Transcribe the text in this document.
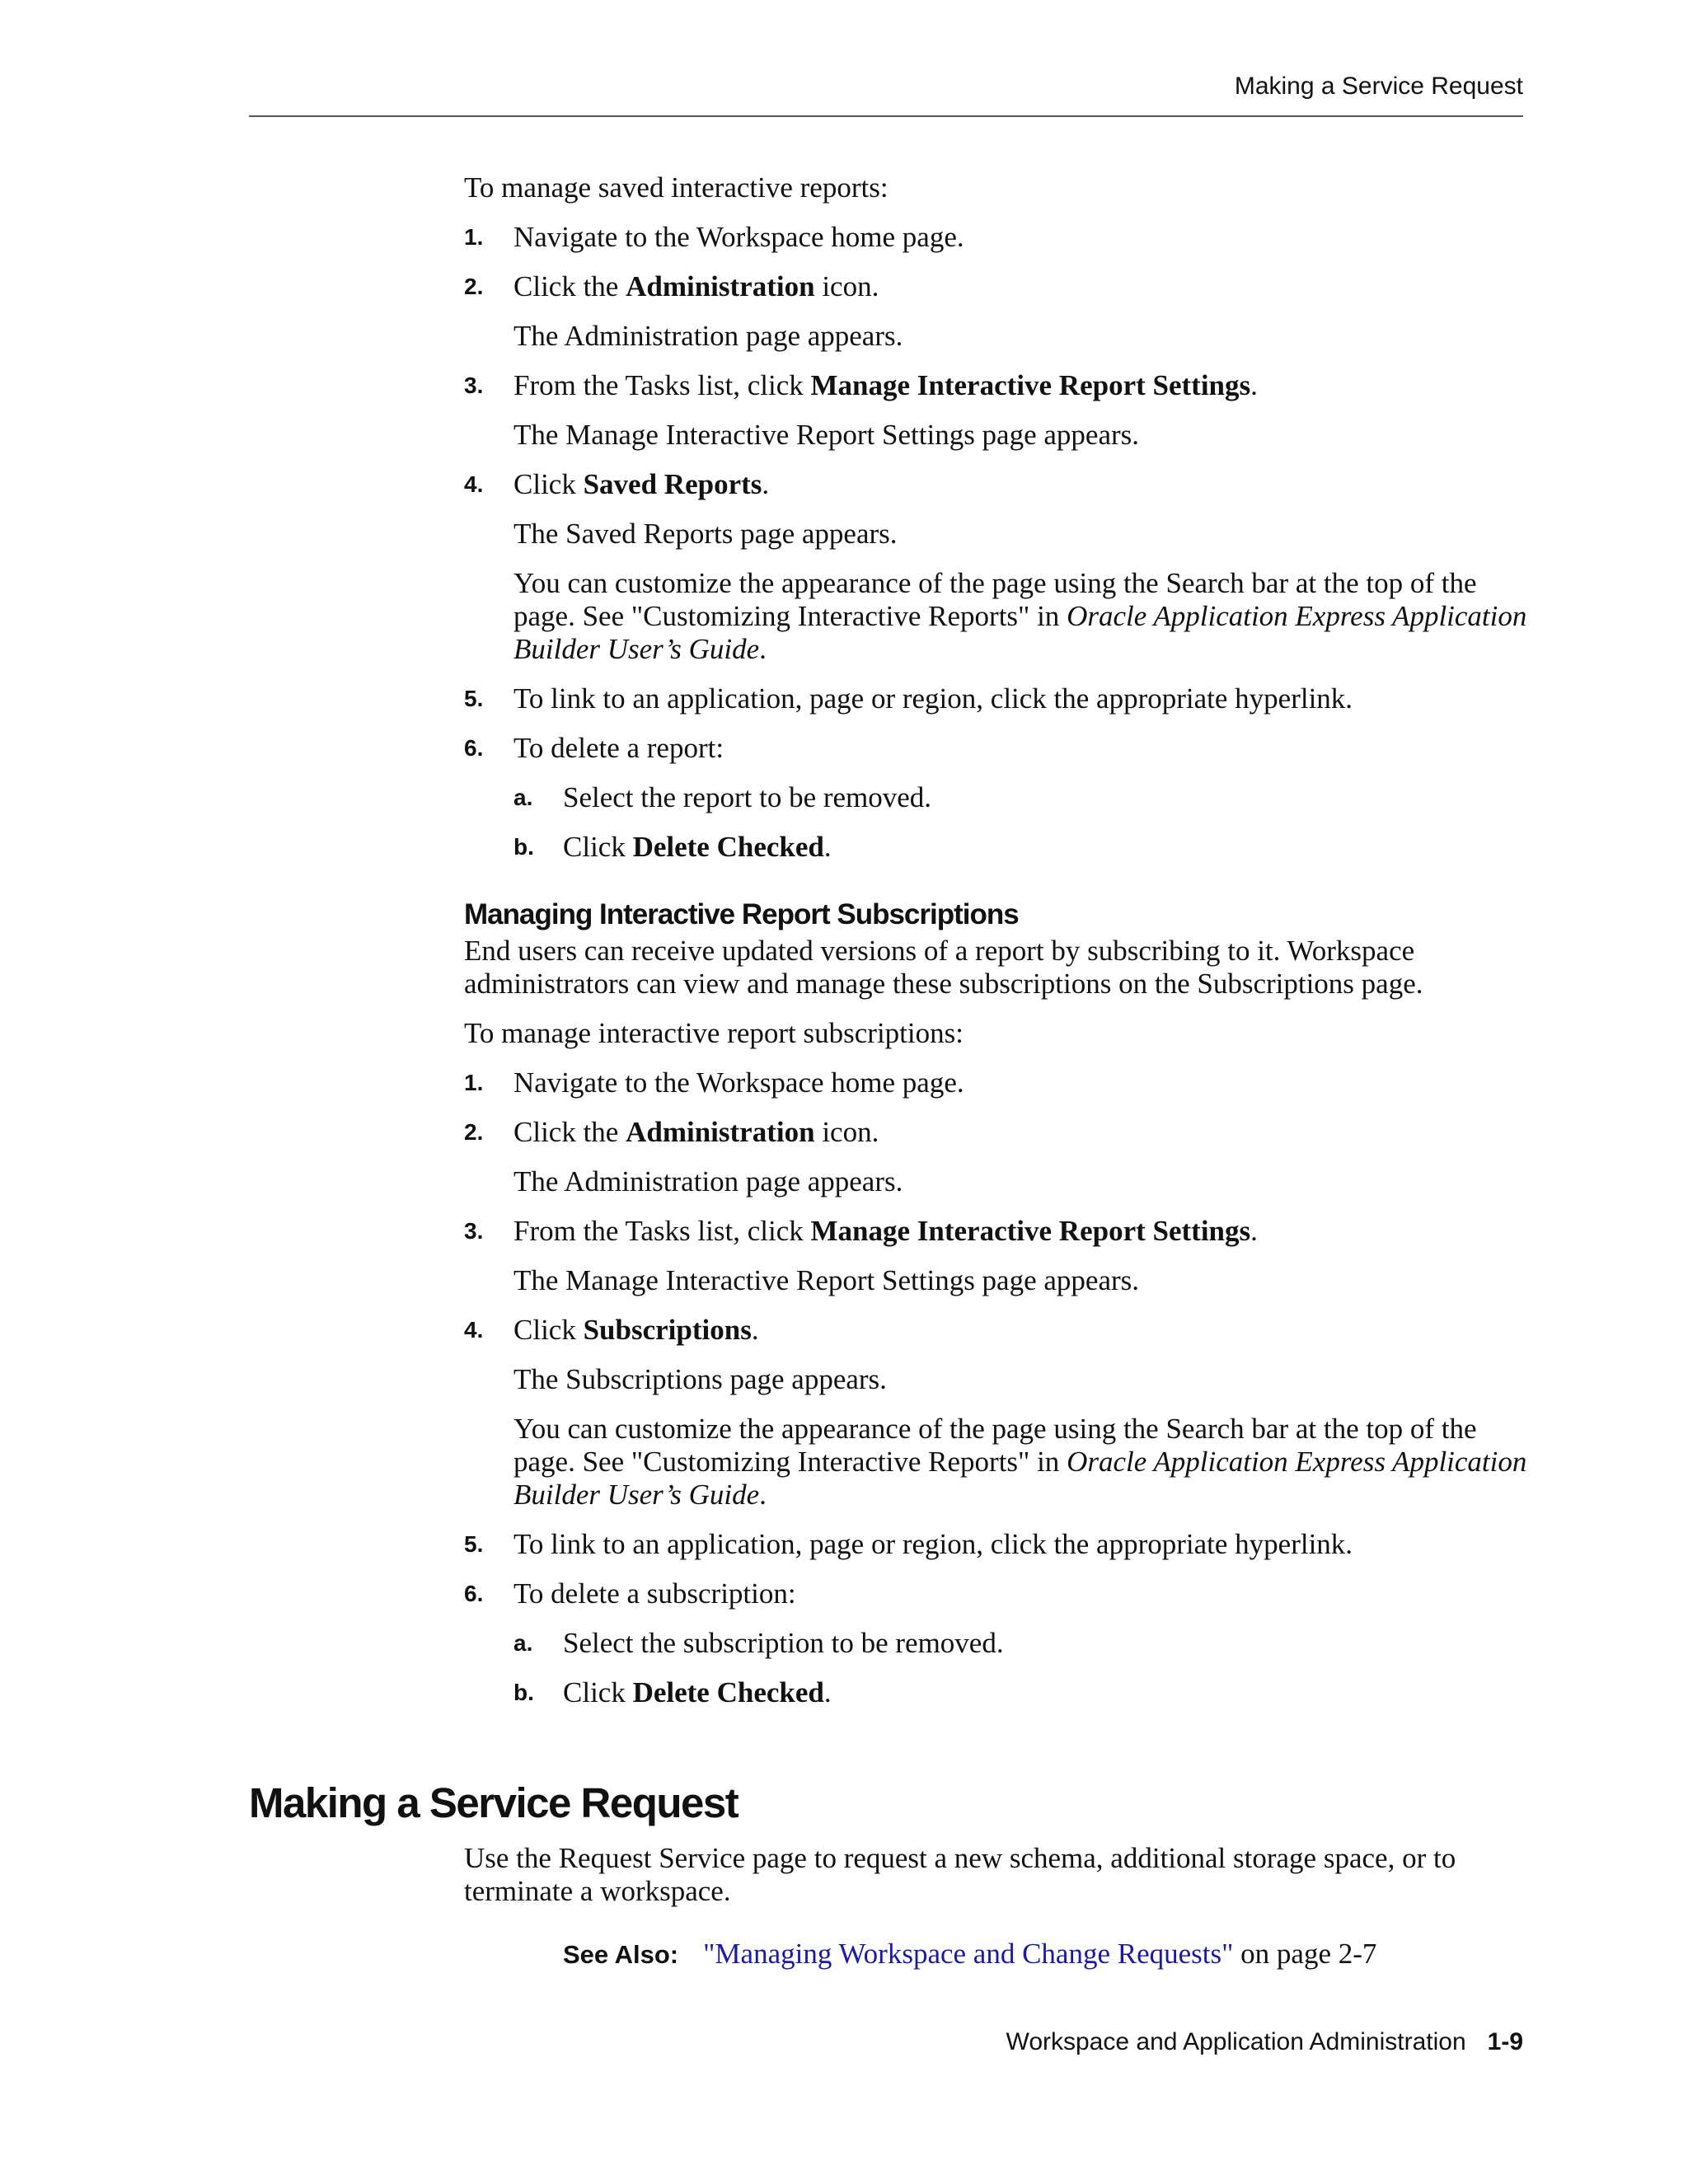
Making a Service Request

To manage saved interactive reports:

1. Navigate to the Workspace home page.
2. Click the Administration icon.
The Administration page appears.
3. From the Tasks list, click Manage Interactive Report Settings.
The Manage Interactive Report Settings page appears.
4. Click Saved Reports.
The Saved Reports page appears.
You can customize the appearance of the page using the Search bar at the top of the page. See "Customizing Interactive Reports" in Oracle Application Express Application Builder User’s Guide.
5. To link to an application, page or region, click the appropriate hyperlink.
6. To delete a report:
a. Select the report to be removed.
b. Click Delete Checked.
Managing Interactive Report Subscriptions

End users can receive updated versions of a report by subscribing to it. Workspace administrators can view and manage these subscriptions on the Subscriptions page.

To manage interactive report subscriptions:

1. Navigate to the Workspace home page.
2. Click the Administration icon.
The Administration page appears.
3. From the Tasks list, click Manage Interactive Report Settings.
The Manage Interactive Report Settings page appears.
4. Click Subscriptions.
The Subscriptions page appears.
You can customize the appearance of the page using the Search bar at the top of the page. See "Customizing Interactive Reports" in Oracle Application Express Application Builder User’s Guide.
5. To link to an application, page or region, click the appropriate hyperlink.
6. To delete a subscription:
a. Select the subscription to be removed.
b. Click Delete Checked.
Making a Service Request

Use the Request Service page to request a new schema, additional storage space, or to terminate a workspace.

See Also: "Managing Workspace and Change Requests" on page 2-7
Workspace and Application Administration 1-9
